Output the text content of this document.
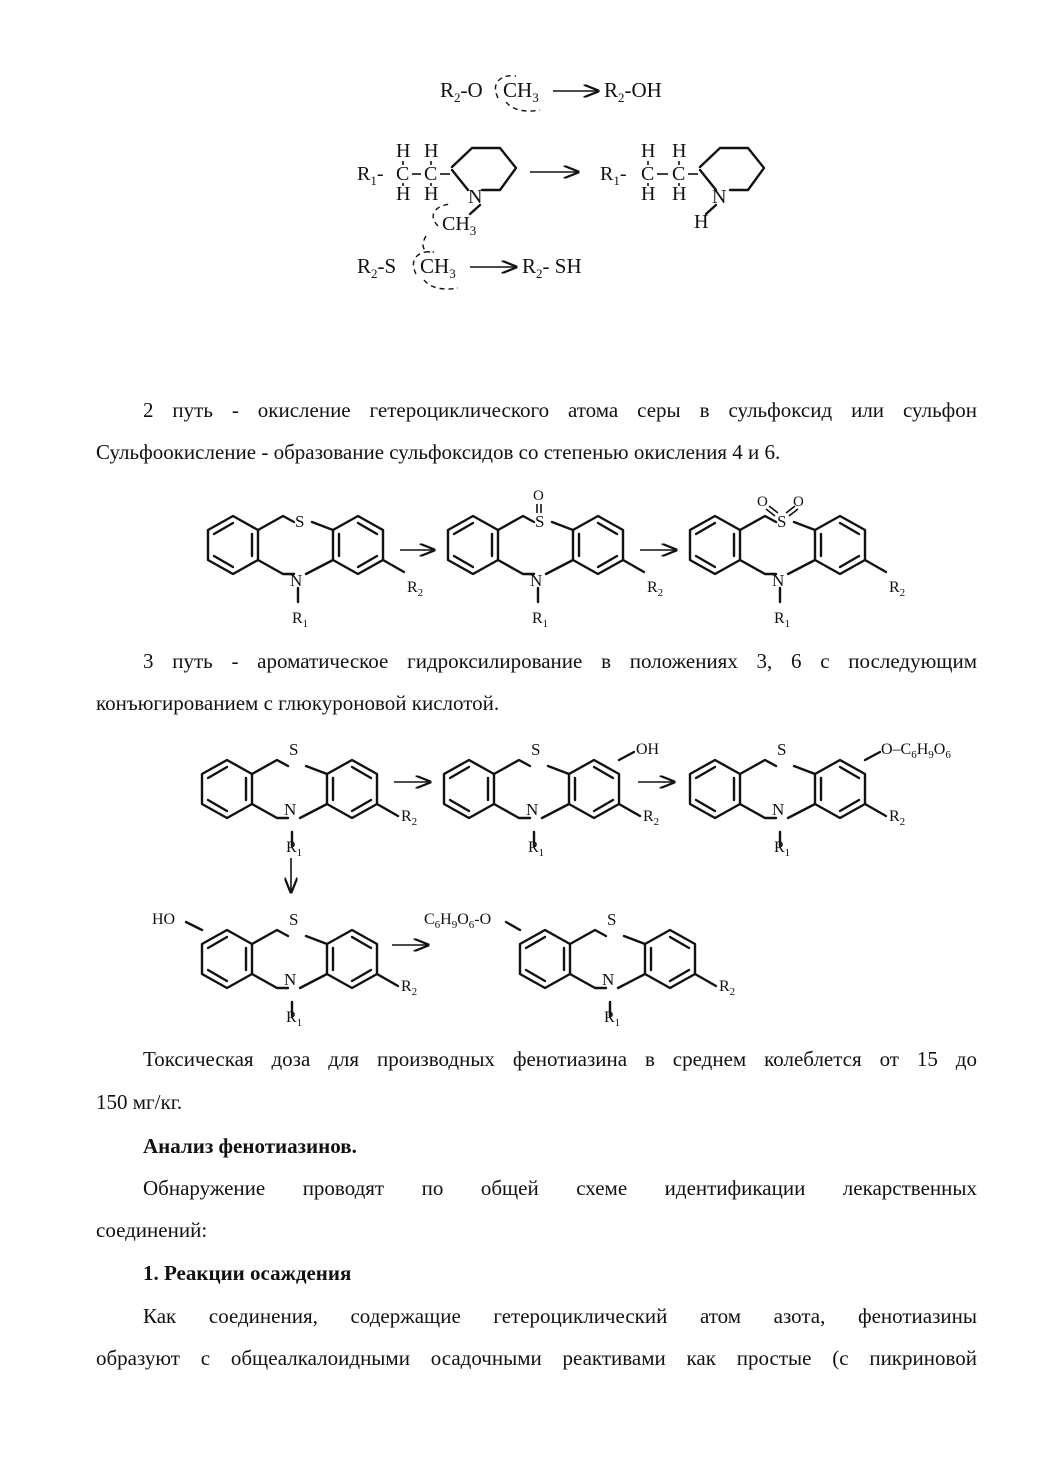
$R_2-O$ $CH_3$	$R_2-OH$
$R_1-$
H H
C C
H H N
$CH_3$
$R_1-$
H H
C C
H H N
H
$R_2-S$ $CH_3$	$R_2-$ SH
2 путь - окисление гетероциклического атома серы в сульфоксид или сульфон
Сульфоокисление - образование сульфоксидов со степенью окисления 4 и 6.
S
N	$R_2$
$R_1$
S
N	$R_2$
$R_1$
O
S
N	$R_2$
$R_1$
O O
3 путь - ароматическое гидроксилирование в положениях 3, 6 с последующим
конъюгированием с глюкуроновой кислотой.
S
N	$R_2$
$R_1$
S
N	$R_2$
$R_1$
OH	S
N	$R_2$
$R_1$
$O-C_6H_9O_6$
S
N	$R_2$
$R_1$
HO	S
N	$R_2$
$R_1$
$C_6H_9O_6-O$
Токсическая доза для производных фенотиазина в среднем колеблется от 15 до
150 мг/кг.
Анализ фенотиазинов.
Обнаружение проводят по общей схеме идентификации лекарственных
соединений:
1. Реакции осаждения
Как соединения, содержащие гетероциклический атом азота, фенотиазины
образуют с общеалкалоидными осадочными реактивами как простые (с пикриновой
